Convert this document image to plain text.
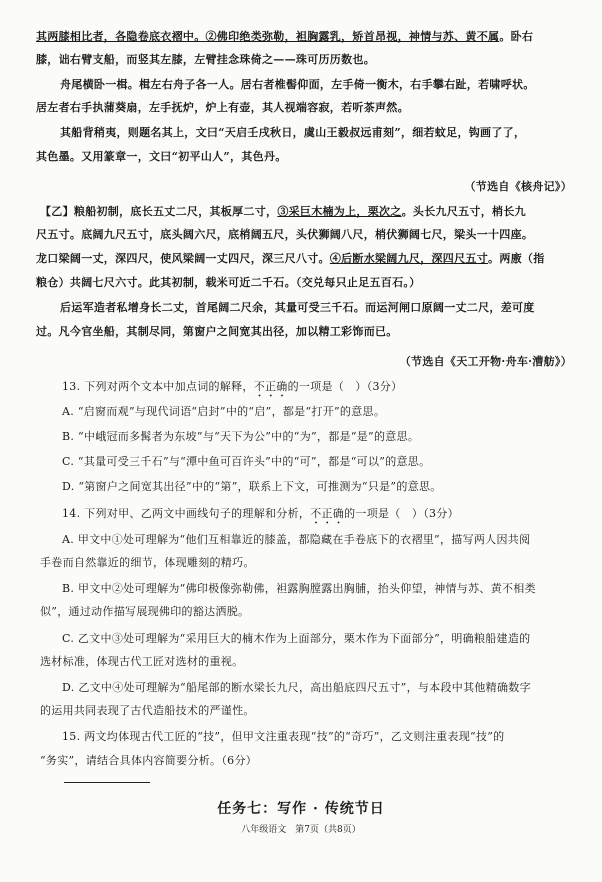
其两膝相比者，各隐卷底衣褶中。②佛印绝类弥勒，袒胸露乳，矫首昂视，神情与苏、黄不属。卧右
膝，诎右臂支船，而竖其左膝，左臂挂念珠倚之——珠可历历数也。
舟尾横卧一楫。楫左右舟子各一人。居右者椎髻仰面，左手倚一衡木，右手攀右趾，若啸呼状。
居左者右手执蒲葵扇，左手抚炉，炉上有壶，其人视端容寂，若听茶声然。
其船背稍夷，则题名其上，文曰“天启壬戌秋日，虞山王毅叔远甫刻”，细若蚊足，钩画了了，
其色墨。又用篆章一，文曰“初平山人”，其色丹。
（节选自《核舟记》）
【乙】粮船初制，底长五丈二尺，其板厚二寸，③采巨木楠为上，栗次之。头长九尺五寸，梢长九
尺五寸。底阔九尺五寸，底头阔六尺，底梢阔五尺，头伏狮阔八尺，梢伏狮阔七尺，梁头一十四座。
龙口梁阔一丈，深四尺，使风梁阔一丈四尺，深三尺八寸。④后断水梁阔九尺，深四尺五寸。两廒（指
粮仓）共阔七尺六寸。此其初制，载米可近二千石。（交兑每只止足五百石。）
后运军造者私增身长二丈，首尾阔二尺余，其量可受三千石。而运河闸口原阔一丈二尺，差可度
过。凡今官坐船，其制尽同，第窗户之间宽其出径，加以精工彩饰而已。
（节选自《天工开物·舟车·漕舫》）
13. 下列对两个文本中加点词的解释，不正确的一项是（　）（3分）
A. “启窗而观”与现代词语“启封”中的“启”，都是“打开”的意思。
B. “中峨冠而多髯者为东坡”与“天下为公”中的“为”，都是“是”的意思。
C. “其量可受三千石”与“潭中鱼可百许头”中的“可”，都是“可以”的意思。
D. “第窗户之间宽其出径”中的“第”，联系上下文，可推测为“只是”的意思。
14. 下列对甲、乙两文中画线句子的理解和分析，不正确的一项是（　）（3分）
A. 甲文中①处可理解为“他们互相靠近的膝盖，都隐藏在手卷底下的衣褶里”，描写两人因共阅
手卷而自然靠近的细节，体现雕刻的精巧。
B. 甲文中②处可理解为“佛印极像弥勒佛，袒露胸膛露出胸脯，抬头仰望，神情与苏、黄不相类
似”，通过动作描写展现佛印的豁达洒脱。
C. 乙文中③处可理解为“采用巨大的楠木作为上面部分，栗木作为下面部分”，明确粮船建造的
选材标准，体现古代工匠对选材的重视。
D. 乙文中④处可理解为“船尾部的断水梁长九尺，高出船底四尺五寸”，与本段中其他精确数字
的运用共同表现了古代造船技术的严谨性。
15. 两文均体现古代工匠的“技”，但甲文注重表现“技”的“奇巧”，乙文则注重表现“技”的
“务实”，请结合具体内容简要分析。（6分）
任务七：写作 · 传统节日
八年级语文　第7页（共8页）
